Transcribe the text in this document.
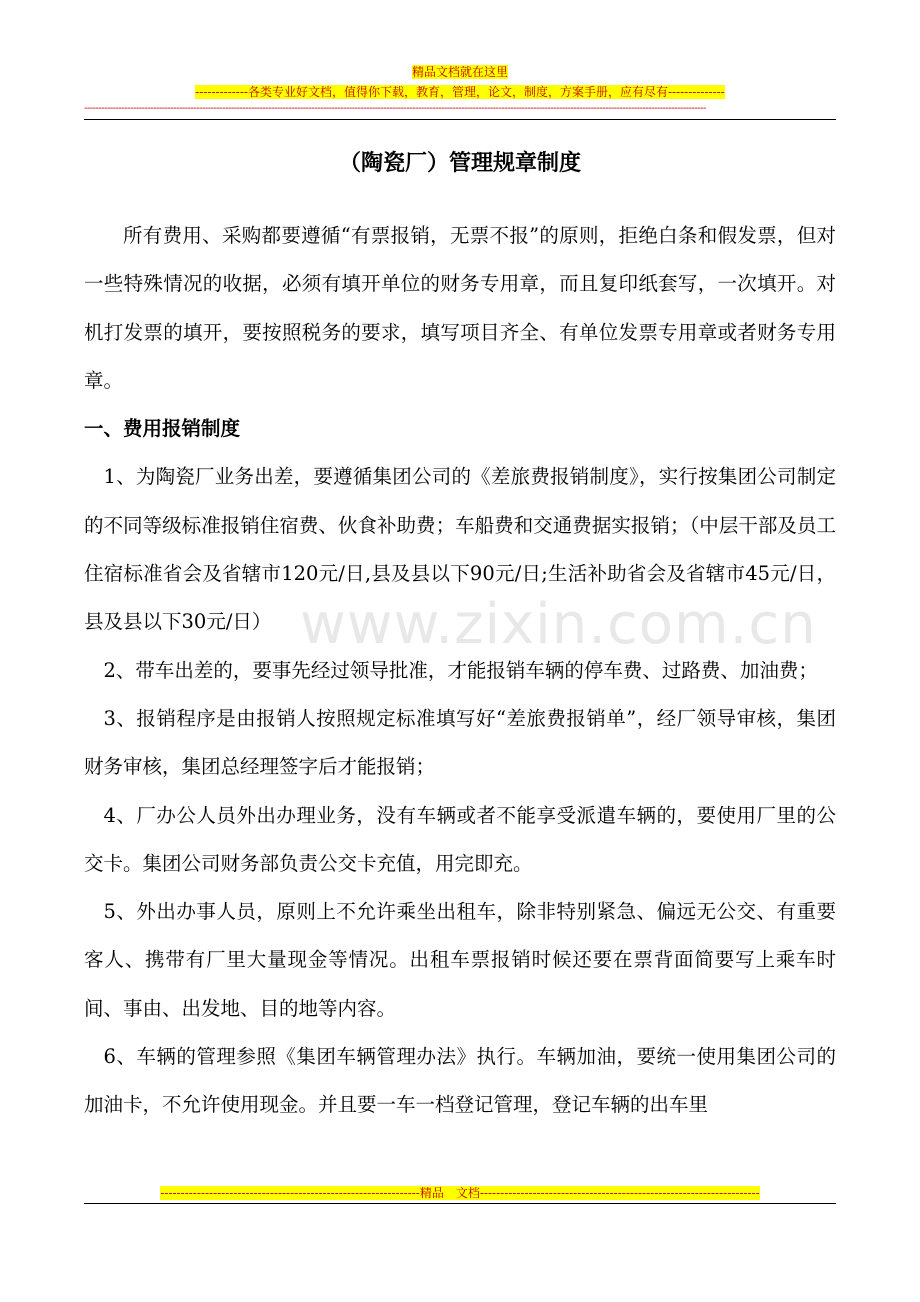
精品文档就在这里
-------------各类专业好文档，值得你下载，教育，管理，论文，制度，方案手册，应有尽有--------------
------------------------------------------------------------------------------------------------------------------------------------------------------------------------------------------------------------------------
（陶瓷厂）管理规章制度
www.zixin.com.cn

所有费用、采购都要遵循“有票报销，无票不报”的原则，拒绝白条和假发票，但对一些特殊情况的收据，必须有填开单位的财务专用章，而且复印纸套写，一次填开。对机打发票的填开，要按照税务的要求，填写项目齐全、有单位发票专用章或者财务专用章。

一、费用报销制度

1、为陶瓷厂业务出差，要遵循集团公司的《差旅费报销制度》，实行按集团公司制定的不同等级标准报销住宿费、伙食补助费；车船费和交通费据实报销；（中层干部及员工住宿标准省会及省辖市120元/日,县及县以下90元/日;生活补助省会及省辖市45元/日，县及县以下30元/日）

2、带车出差的，要事先经过领导批准，才能报销车辆的停车费、过路费、加油费；

3、报销程序是由报销人按照规定标准填写好“差旅费报销单”，经厂领导审核，集团财务审核，集团总经理签字后才能报销；

4、厂办公人员外出办理业务，没有车辆或者不能享受派遣车辆的，要使用厂里的公交卡。集团公司财务部负责公交卡充值，用完即充。

5、外出办事人员，原则上不允许乘坐出租车，除非特别紧急、偏远无公交、有重要客人、携带有厂里大量现金等情况。出租车票报销时候还要在票背面简要写上乘车时间、事由、出发地、目的地等内容。

6、车辆的管理参照《集团车辆管理办法》执行。车辆加油，要统一使用集团公司的加油卡，不允许使用现金。并且要一车一档登记管理，登记车辆的出车里

----------------------------------------------------------------精品　文档---------------------------------------------------------------------
